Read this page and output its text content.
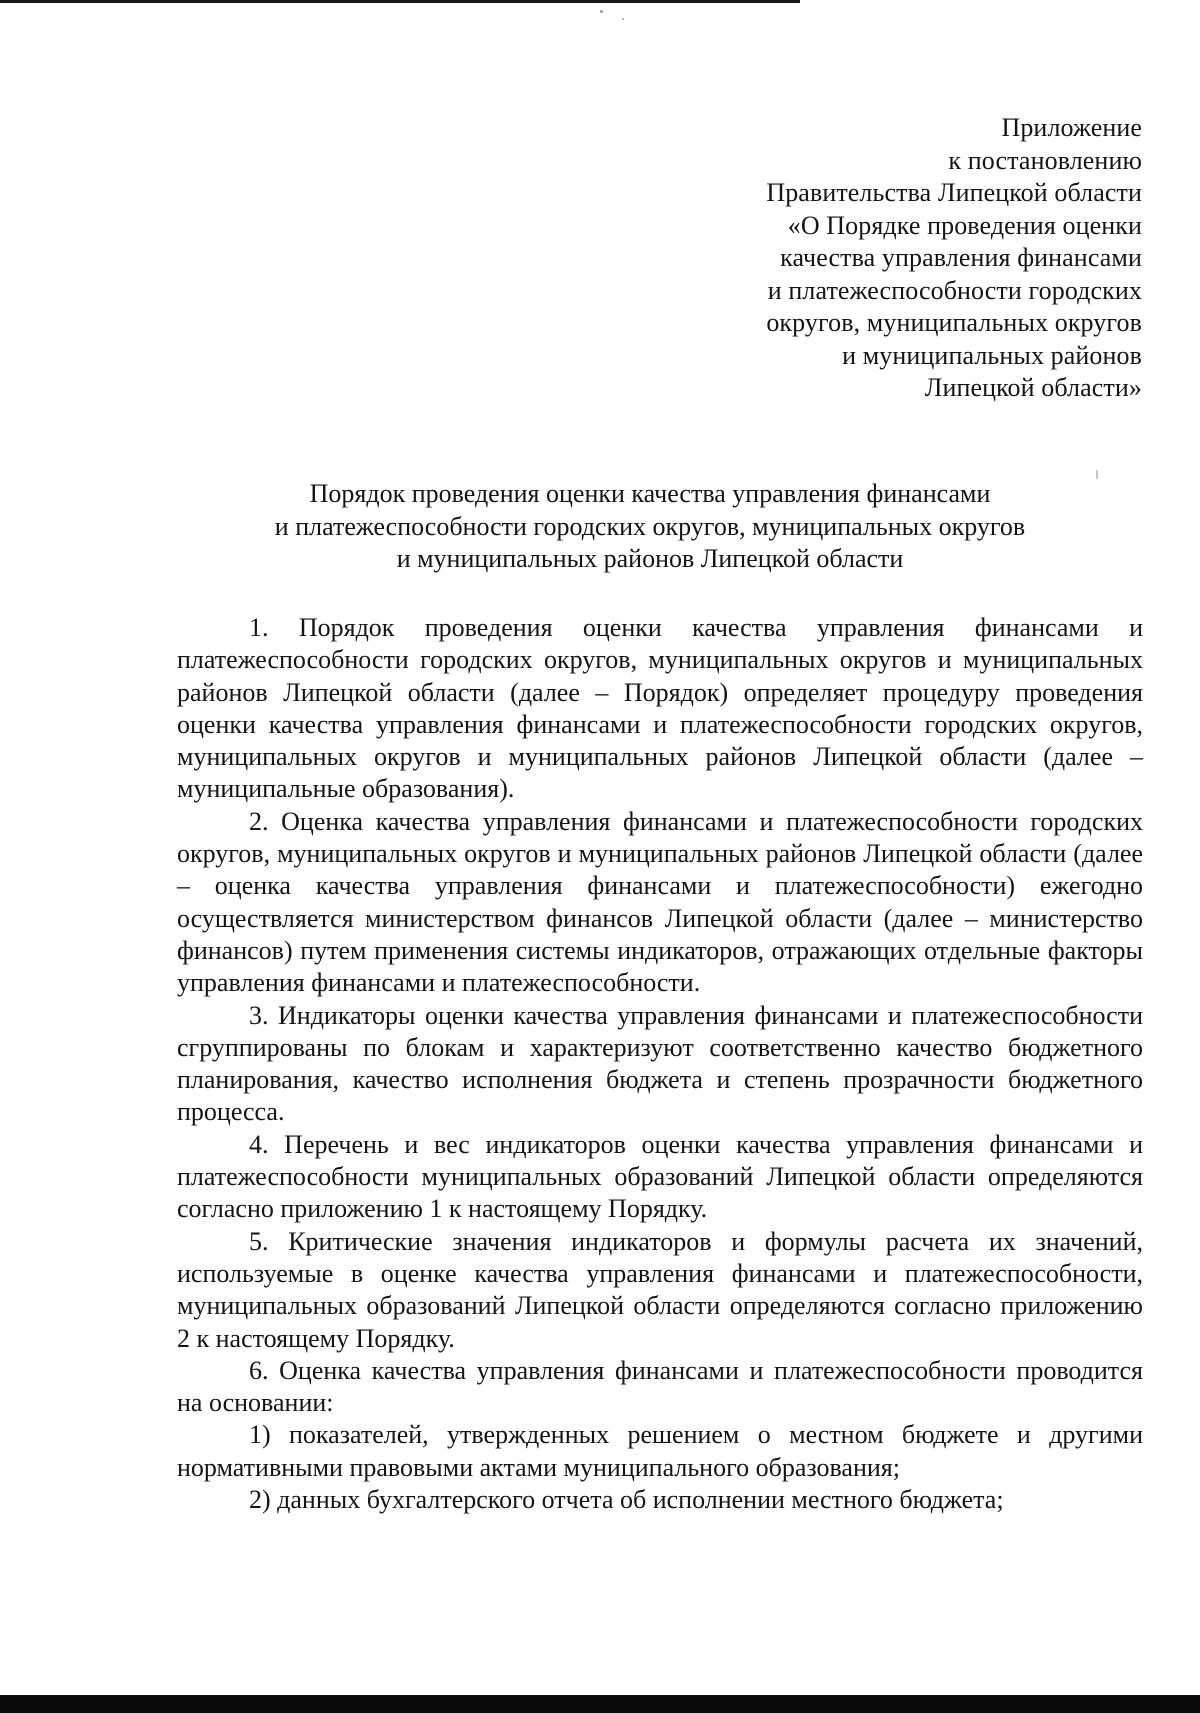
Приложение
к постановлению
Правительства Липецкой области
«О Порядке проведения оценки
качества управления финансами
и платежеспособности городских
округов, муниципальных округов
и муниципальных районов
Липецкой области»
Порядок проведения оценки качества управления финансами
и платежеспособности городских округов, муниципальных округов
и муниципальных районов Липецкой области

1. Порядок проведения оценки качества управления финансами и платежеспособности городских округов, муниципальных округов и муниципальных районов Липецкой области (далее – Порядок) определяет процедуру проведения оценки качества управления финансами и платежеспособности городских округов, муниципальных округов и муниципальных районов Липецкой области (далее – муниципальные образования).

2. Оценка качества управления финансами и платежеспособности городских округов, муниципальных округов и муниципальных районов Липецкой области (далее – оценка качества управления финансами и платежеспособности) ежегодно осуществляется министерством финансов Липецкой области (далее – министерство финансов) путем применения системы индикаторов, отражающих отдельные факторы управления финансами и платежеспособности.

3. Индикаторы оценки качества управления финансами и платежеспособности сгруппированы по блокам и характеризуют соответственно качество бюджетного планирования, качество исполнения бюджета и степень прозрачности бюджетного процесса.

4. Перечень и вес индикаторов оценки качества управления финансами и платежеспособности муниципальных образований Липецкой области определяются согласно приложению 1 к настоящему Порядку.

5. Критические значения индикаторов и формулы расчета их значений, используемые в оценке качества управления финансами и платежеспособности, муниципальных образований Липецкой области определяются согласно приложению 2 к настоящему Порядку.

6. Оценка качества управления финансами и платежеспособности проводится на основании:

1) показателей, утвержденных решением о местном бюджете и другими нормативными правовыми актами муниципального образования;

2) данных бухгалтерского отчета об исполнении местного бюджета;
